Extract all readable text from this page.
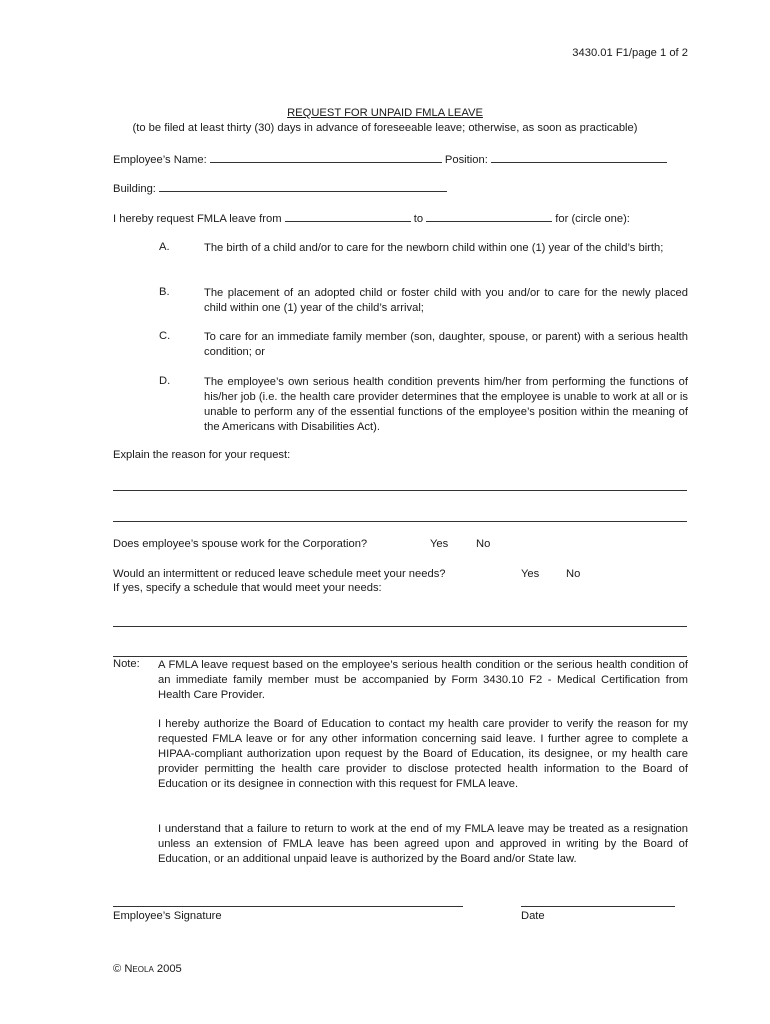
3430.01 F1/page 1 of 2
REQUEST FOR UNPAID FMLA LEAVE
(to be filed at least thirty (30) days in advance of foreseeable leave; otherwise, as soon as practicable)
Employee’s Name:	Position:
Building:
I hereby request FMLA leave from	to	for (circle one):
A.	The birth of a child and/or to care for the newborn child within one (1) year of the child’s birth;
B.	The placement of an adopted child or foster child with you and/or to care for the newly placed child within one (1) year of the child’s arrival;
C.	To care for an immediate family member (son, daughter, spouse, or parent) with a serious health condition; or
D.	The employee’s own serious health condition prevents him/her from performing the functions of his/her job (i.e. the health care provider determines that the employee is unable to work at all or is unable to perform any of the essential functions of the employee’s position within the meaning of the Americans with Disabilities Act).
Explain the reason for your request:
Does employee’s spouse work for the Corporation?	Yes No
Would an intermittent or reduced leave schedule meet your needs?	Yes No
If yes, specify a schedule that would meet your needs:
Note: A FMLA leave request based on the employee’s serious health condition or the serious health condition of an immediate family member must be accompanied by Form 3430.10 F2 - Medical Certification from Health Care Provider.
I hereby authorize the Board of Education to contact my health care provider to verify the reason for my requested FMLA leave or for any other information concerning said leave. I further agree to complete a HIPAA-compliant authorization upon request by the Board of Education, its designee, or my health care provider permitting the health care provider to disclose protected health information to the Board of Education or its designee in connection with this request for FMLA leave.
I understand that a failure to return to work at the end of my FMLA leave may be treated as a resignation unless an extension of FMLA leave has been agreed upon and approved in writing by the Board of Education, or an additional unpaid leave is authorized by the Board and/or State law.
Employee’s Signature	Date
© Neola 2005
